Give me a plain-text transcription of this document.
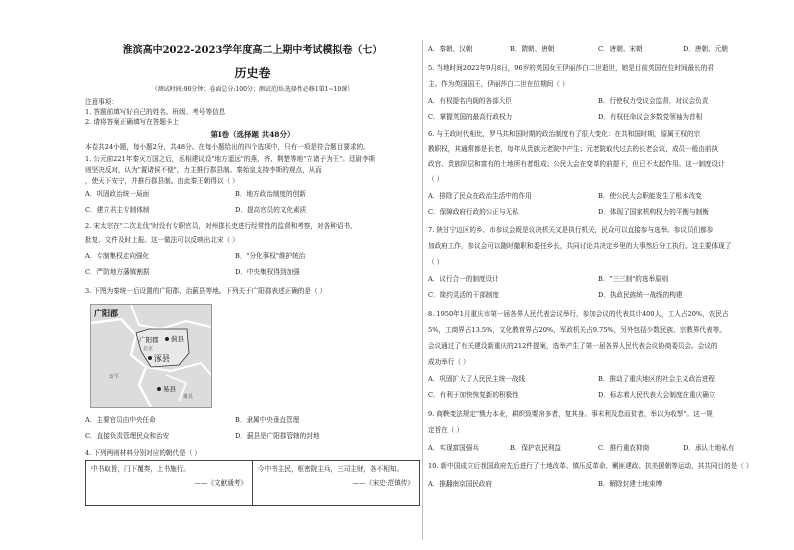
淮滨高中2022-2023学年度高二上期中考试模拟卷（七）
历史卷
（测试时间:90分钟；卷面总分:100分；测试范围:选择性必修1第1~10课）
注意事项：
1. 答题前填写好自己的姓名、班级、考号等信息
2. 请将答案正确填写在答题卡上
第Ⅰ卷（选择题 共48分）
本卷共24小题，每小题2分，共48分。在每小题给出的四个选项中，只有一项是符合题目要求的。
1. 公元前221年秦灭万国之后，丞相建议设"地方遥远"的燕、齐、荆楚等地"立诸子为王"。廷尉李斯
则坚决反对，认为"置诸侯不便"，力主推行郡县制。秦始皇支持李斯的观点，从而
，使天下安宁，并推行郡县制。由此秦王朝得以（ ）
A．巩固政治统一局面	B．地方政治制度的创新
C．建立君主专制体制	D．提高官员的文化素质
2. 宋太宗在"二次北伐"时设有专职官员，对州郡长吏进行经常性的监督和考察，对各种诏书、
批复、文件及时上报。这一做法可以反映出北宋（ ）
A．专制集权走向强化	B．"分化事权"维护统治
C．严防地方藩镇割据	D．中央集权得到加强
3. 下图为秦统一后设置的广阳郡，治蓟县等地。下列关于广阳郡表述正确的是（ ）
广阳郡
广阳郡 蓟县
涿县
易县
北京
安平
雄县
A．主要官员由中央任命	B．隶属中央垂直管理
C．直接负责管理民众和治安	D．蓟县是广阳郡管辖的封地
4. 下列两则材料分别对应的朝代是（ ）
中书取旨，门下覆奏，上书施行。
——《文献通考》
	今中书主民，枢密院主兵，三司主财，各不相知。
——《宋史·范镇传》
A．秦朝、汉朝	B．隋朝、唐朝	C．唐朝、宋朝	D．唐朝、元朝
5. 当地时间2022年9月8日，96岁的英国女王伊丽莎白二世逝世，她是目前英国在位时间最长的君
主。作为英国国王，伊丽莎白二世在位期间（ ）
A．有权提名内阁的各部大臣	B．行使权力受议会监督，对议会负责
C．掌握英国的最高行政权力	D．有权任命议会多数党领袖为首相
6. 与王政时代相比，罗马共和国时期的政治制度有了很大变化：在共和国时期，原属王权的宗
教职权，其通常都是长老，每年从贵族元老院中产生；元老院取代过去的长老会议，成员一般由前执
政官、贵族阶层和富有的土地所有者组成；公民大会在变革的前提下，但已不太起作用。这一制度设计
（ ）
A．排除了民众在政治生活中的作用	B．使公民大会职能发生了根本改变
C．保障政府行政的公正与无私	D．体现了国家机构权力的平衡与制衡
7. 陕甘宁边区的乡、市参议会既是议决机关又是执行机关，民众可以直接参与选举。参议员们都参
加政府工作，参议会可以随时撤职和委任乡长，共同讨论共决定乡里的大事然后分工执行。这主要体现了
（ ）
A．议行合一的制度设计	B．"三三制"的选举原则
C．简约灵活的干部制度	D．执政民族统一战线的构建
8. 1950年1月重庆市第一届各界人民代表会议举行，参加会议的代表共计400人，工人占20%，农民占
5%，工商界占13.5%，文化教育界占20%，军政机关占9.75%，另外包括少数民族、宗教界代表等。
会议通过了有关建设新重庆的212件提案，选举产生了第一届各界人民代表会议协商委员会。会议的
成功举行（ ）
A．巩固扩大了人民民主统一战线	B．推动了重庆地区的社会主义政治进程
C．有利于加快恢复新的积极性	D．标志着人民代表大会制度在重庆确立
9. 商鞅变法规定"戮力本业，耕织致粟帛多者，复其身。事末利及怠而贫者，举以为收孥"。这一规
定旨在（ ）
A．实现富国强兵	B．保护农民利益	C．推行重农抑商	D．承认土地私有
10. 新中国成立后我国政府先后进行了土地改革、镇压反革命、剿匪建政、抗美援朝等运动，其共同目的是（ ）
A．推翻南京国民政府	B．解除封建土地束缚
